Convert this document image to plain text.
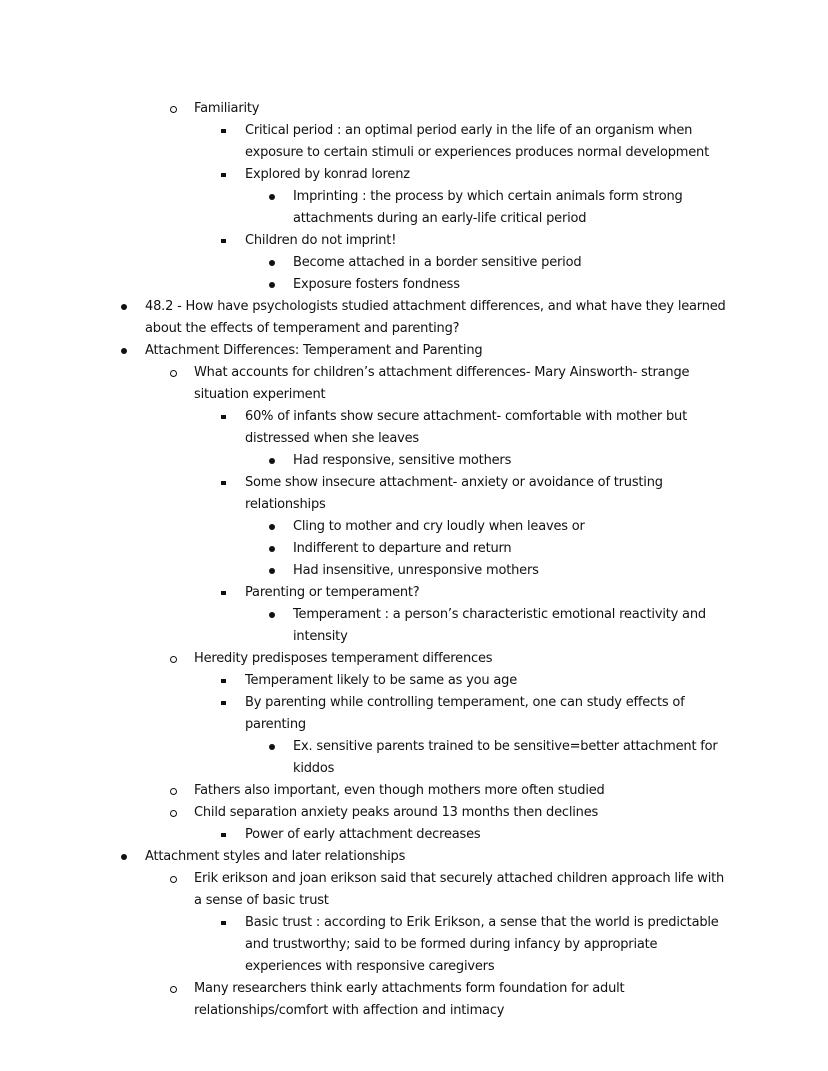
Familiarity
Critical period : an optimal period early in the life of an organism when exposure to certain stimuli or experiences produces normal development
Explored by konrad lorenz
Imprinting : the process by which certain animals form strong attachments during an early-life critical period
Children do not imprint!
Become attached in a border sensitive period
Exposure fosters fondness
48.2 - How have psychologists studied attachment differences, and what have they learned about the effects of temperament and parenting?
Attachment Differences: Temperament and Parenting
What accounts for children’s attachment differences- Mary Ainsworth- strange situation experiment
60% of infants show secure attachment- comfortable with mother but distressed when she leaves
Had responsive, sensitive mothers
Some show insecure attachment- anxiety or avoidance of trusting relationships
Cling to mother and cry loudly when leaves or
Indifferent to departure and return
Had insensitive, unresponsive mothers
Parenting or temperament?
Temperament : a person’s characteristic emotional reactivity and intensity
Heredity predisposes temperament differences
Temperament likely to be same as you age
By parenting while controlling temperament, one can study effects of parenting
Ex. sensitive parents trained to be sensitive=better attachment for kiddos
Fathers also important, even though mothers more often studied
Child separation anxiety peaks around 13 months then declines
Power of early attachment decreases
Attachment styles and later relationships
Erik erikson and joan erikson said that securely attached children approach life with a sense of basic trust
Basic trust : according to Erik Erikson, a sense that the world is predictable and trustworthy; said to be formed during infancy by appropriate experiences with responsive caregivers
Many researchers think early attachments form foundation for adult relationships/comfort with affection and intimacy
